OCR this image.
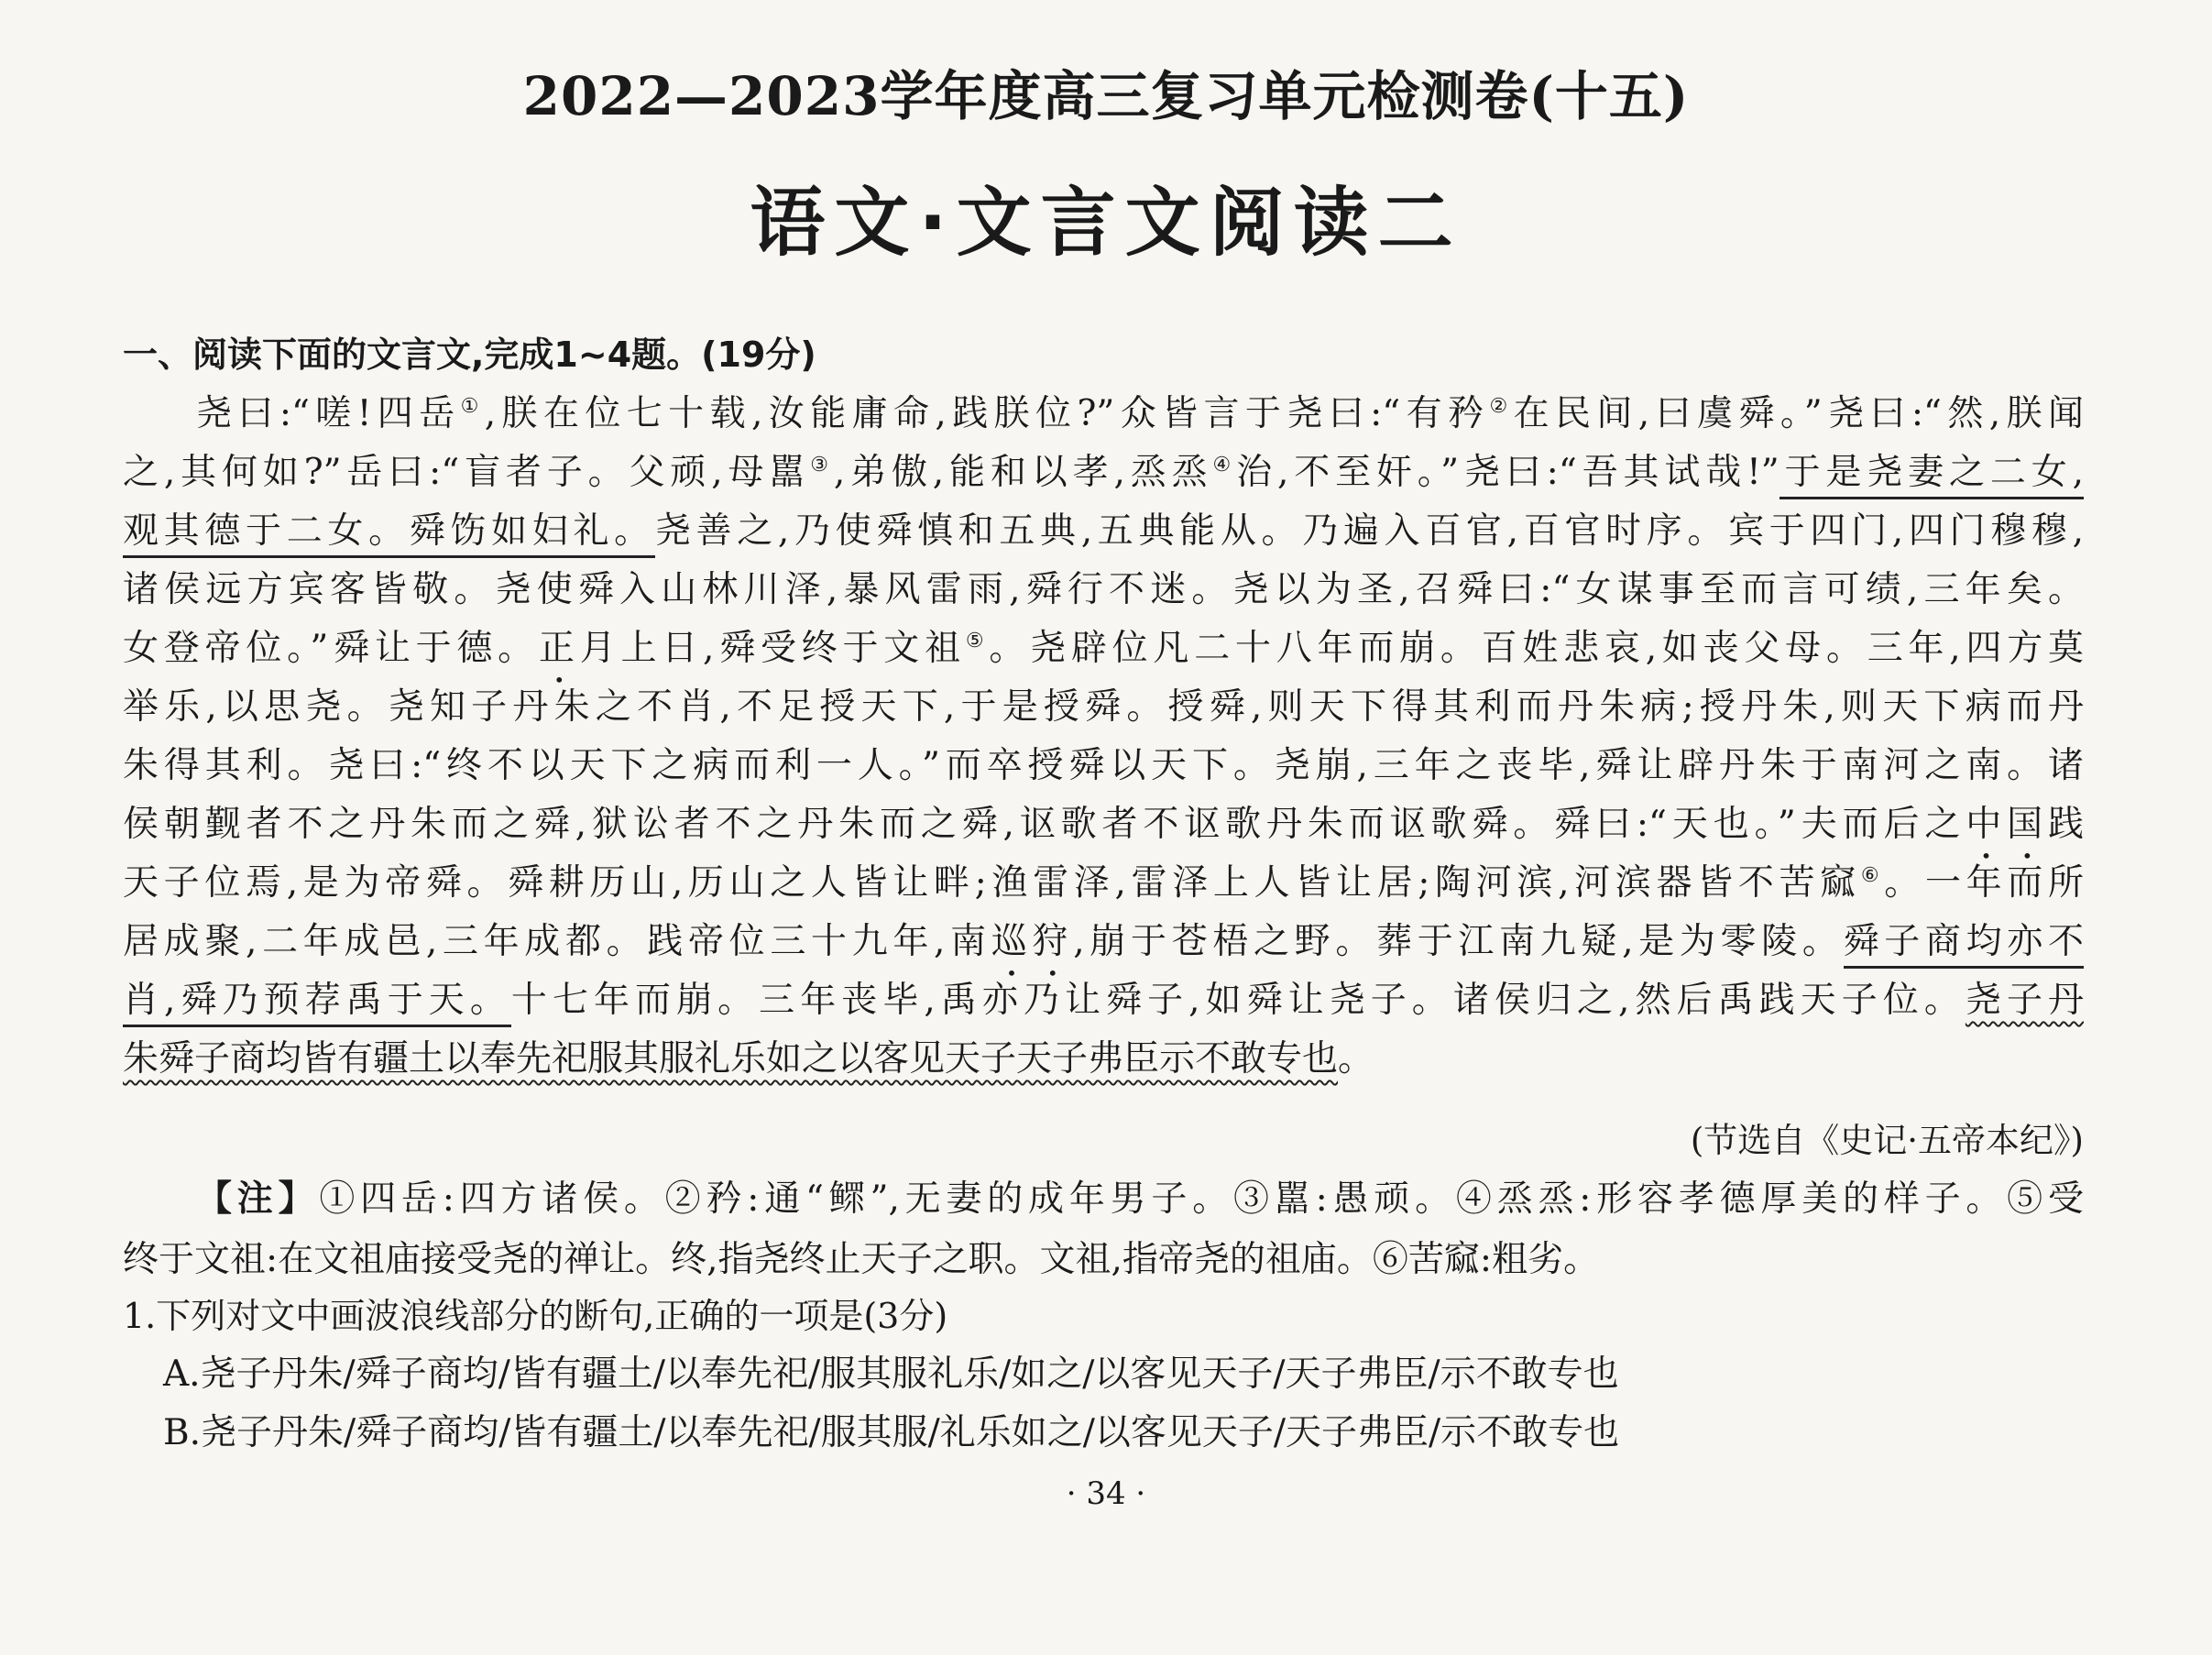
2022—2023学年度高三复习单元检测卷(十五)
语文·文言文阅读二
一、阅读下面的文言文,完成1~4题。(19分)
尧曰:“嗟!四岳①,朕在位七十载,汝能庸命,践朕位?”众皆言于尧曰:“有矜②在民间,曰虞舜。”尧曰:“然,朕闻
之,其何如?”岳曰:“盲者子。父顽,母嚚③,弟傲,能和以孝,烝烝④治,不至奸。”尧曰:“吾其试哉!”于是尧妻之二女,
观其德于二女。舜饬如妇礼。尧善之,乃使舜慎和五典,五典能从。乃遍入百官,百官时序。宾于四门,四门穆穆,
诸侯远方宾客皆敬。尧使舜入山林川泽,暴风雷雨,舜行不迷。尧以为圣,召舜曰:“女谋事至而言可绩,三年矣。
女登帝位。”舜让于德。正月上日,舜受终于文祖⑤。尧辟位凡二十八年而崩。百姓悲哀,如丧父母。三年,四方莫
举乐,以思尧。尧知子丹朱之不肖,不足授天下,于是授舜。授舜,则天下得其利而丹朱病;授丹朱,则天下病而丹
朱得其利。尧曰:“终不以天下之病而利一人。”而卒授舜以天下。尧崩,三年之丧毕,舜让辟丹朱于南河之南。诸
侯朝觐者不之丹朱而之舜,狱讼者不之丹朱而之舜,讴歌者不讴歌丹朱而讴歌舜。舜曰:“天也。”夫而后之中国践
天子位焉,是为帝舜。舜耕历山,历山之人皆让畔;渔雷泽,雷泽上人皆让居;陶河滨,河滨器皆不苦窳⑥。一年而所
居成聚,二年成邑,三年成都。践帝位三十九年,南巡狩,崩于苍梧之野。葬于江南九疑,是为零陵。舜子商均亦不
肖,舜乃预荐禹于天。十七年而崩。三年丧毕,禹亦乃让舜子,如舜让尧子。诸侯归之,然后禹践天子位。尧子丹
朱舜子商均皆有疆土以奉先祀服其服礼乐如之以客见天子天子弗臣示不敢专也。
(节选自《史记·五帝本纪》)
【注】①四岳:四方诸侯。②矜:通“鳏”,无妻的成年男子。③嚚:愚顽。④烝烝:形容孝德厚美的样子。⑤受
终于文祖:在文祖庙接受尧的禅让。终,指尧终止天子之职。文祖,指帝尧的祖庙。⑥苦窳:粗劣。
1.下列对文中画波浪线部分的断句,正确的一项是(3分)
A.尧子丹朱/舜子商均/皆有疆土/以奉先祀/服其服礼乐/如之/以客见天子/天子弗臣/示不敢专也
B.尧子丹朱/舜子商均/皆有疆土/以奉先祀/服其服/礼乐如之/以客见天子/天子弗臣/示不敢专也
· 34 ·
